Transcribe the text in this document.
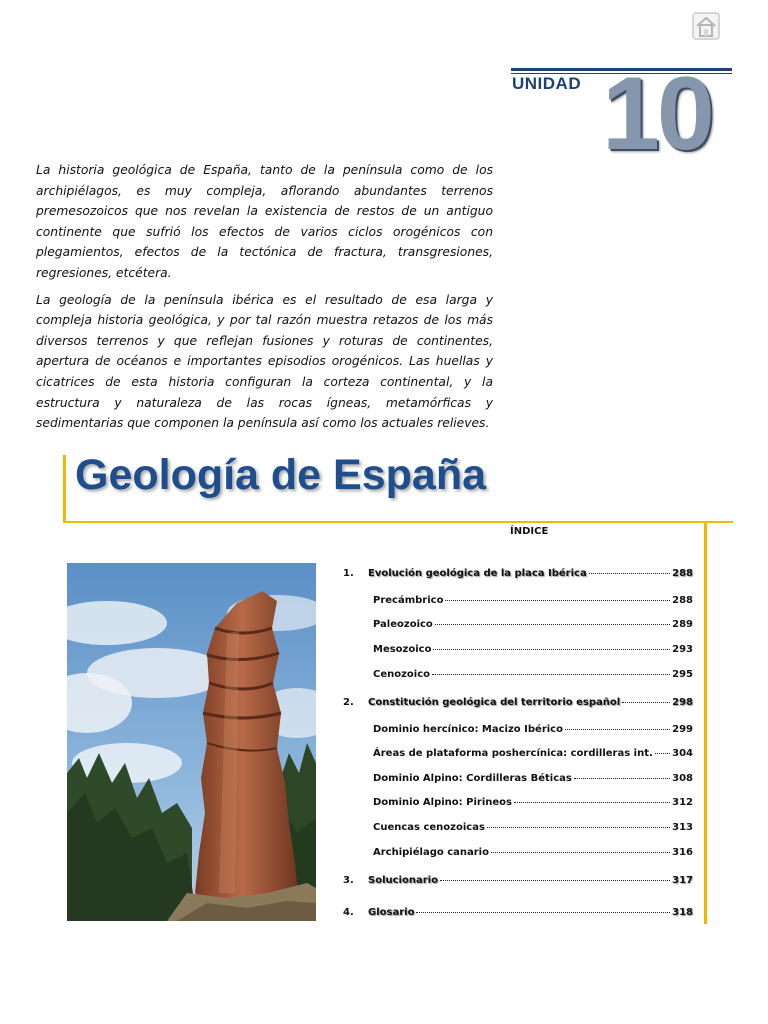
UNIDAD 10

La historia geológica de España, tanto de la península como de los archipiélagos, es muy compleja, aflorando abundantes terrenos premesozoicos que nos revelan la existencia de restos de un antiguo continente que sufrió los efectos de varios ciclos orogénicos con plegamientos, efectos de la tectónica de fractura, transgresiones, regresiones, etcétera.

La geología de la península ibérica es el resultado de esa larga y compleja historia geológica, y por tal razón muestra retazos de los más diversos terrenos y que reflejan fusiones y roturas de continentes, apertura de océanos e importantes episodios orogénicos. Las huellas y cicatrices de esta historia configuran la corteza continental, y la estructura y naturaleza de las rocas ígneas, metamórficas y sedimentarias que componen la península así como los actuales relieves.

Geología de España
ÍNDICE
1.	Evolución geológica de la placa Ibérica	288
Precámbrico	288
Paleozoico	289
Mesozoico	293
Cenozoico	295
2.	Constitución geológica del territorio español	298
Dominio hercínico: Macizo Ibérico	299
Áreas de plataforma poshercínica: cordilleras int. 304
Dominio Alpino: Cordilleras Béticas	308
Dominio Alpino: Pirineos	312
Cuencas cenozoicas	313
Archipiélago canario	316
3.	Solucionario	317
4.	Glosario	318
